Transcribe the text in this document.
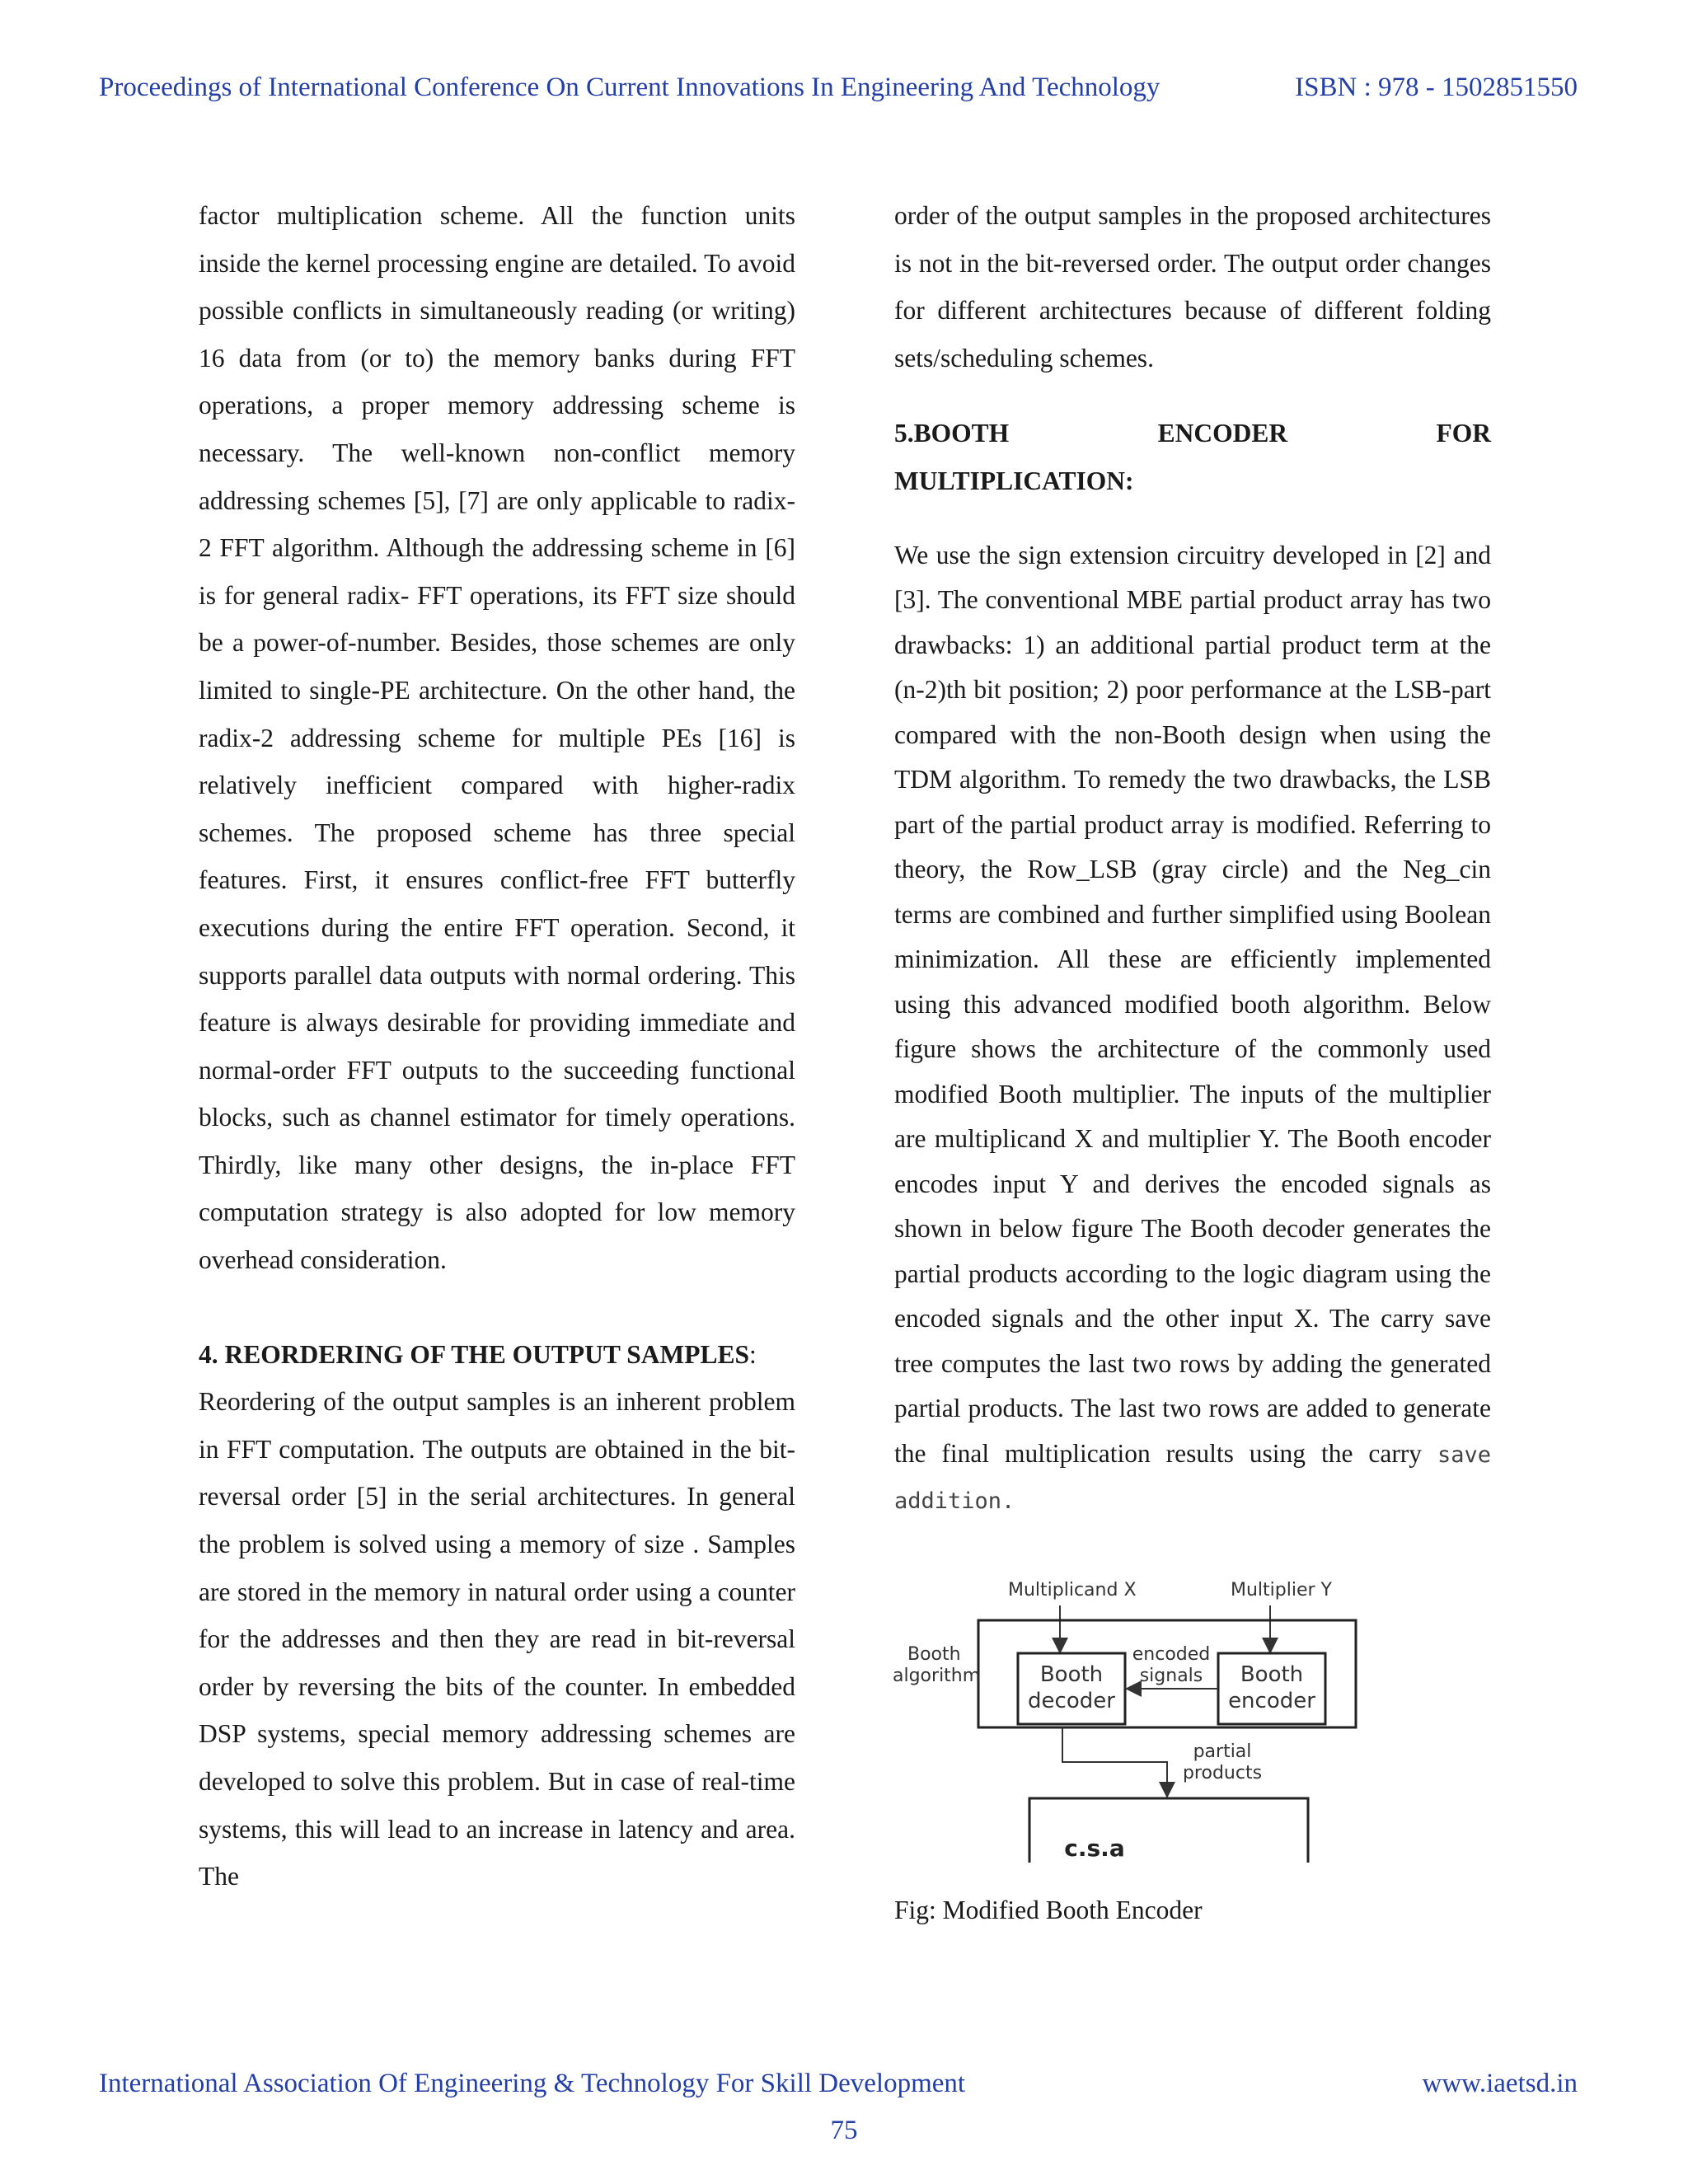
Proceedings of International Conference On Current Innovations In Engineering And Technology	ISBN : 978 - 1502851550

factor multiplication scheme. All the function units inside the kernel processing engine are detailed. To avoid possible conflicts in simultaneously reading (or writing) 16 data from (or to) the memory banks during FFT operations, a proper memory addressing scheme is necessary. The well-known non-conflict memory addressing schemes [5], [7] are only applicable to radix-2 FFT algorithm. Although the addressing scheme in [6] is for general radix- FFT operations, its FFT size should be a power-of-number. Besides, those schemes are only limited to single-PE architecture. On the other hand, the radix-2 addressing scheme for multiple PEs [16] is relatively inefficient compared with higher-radix schemes. The proposed scheme has three special features. First, it ensures conflict-free FFT butterfly executions during the entire FFT operation. Second, it supports parallel data outputs with normal ordering. This feature is always desirable for providing immediate and normal-order FFT outputs to the succeeding functional blocks, such as channel estimator for timely operations. Thirdly, like many other designs, the in-place FFT computation strategy is also adopted for low memory overhead consideration.

4. REORDERING OF THE OUTPUT SAMPLES:

Reordering of the output samples is an inherent problem in FFT computation. The outputs are obtained in the bit-reversal order [5] in the serial architectures. In general the problem is solved using a memory of size . Samples are stored in the memory in natural order using a counter for the addresses and then they are read in bit-reversal order by reversing the bits of the counter. In embedded DSP systems, special memory addressing schemes are developed to solve this problem. But in case of real-time systems, this will lead to an increase in latency and area. The

order of the output samples in the proposed architectures is not in the bit-reversed order. The output order changes for different architectures because of different folding sets/scheduling schemes.

5.BOOTH	ENCODER	FOR
MULTIPLICATION:

We use the sign extension circuitry developed in [2] and [3]. The conventional MBE partial product array has two drawbacks: 1) an additional partial product term at the (n-2)th bit position; 2) poor performance at the LSB-part compared with the non-Booth design when using the TDM algorithm. To remedy the two drawbacks, the LSB part of the partial product array is modified. Referring to theory, the Row_LSB (gray circle) and the Neg_cin terms are combined and further simplified using Boolean minimization. All these are efficiently implemented using this advanced modified booth algorithm. Below figure shows the architecture of the commonly used modified Booth multiplier. The inputs of the multiplier are multiplicand X and multiplier Y. The Booth encoder encodes input Y and derives the encoded signals as shown in below figure The Booth decoder generates the partial products according to the logic diagram using the encoded signals and the other input X. The carry save tree computes the last two rows by adding the generated partial products. The last two rows are added to generate the final multiplication results using the carry save addition.

Multiplicand X	Multiplier Y
Booth
algorithm	Booth
decoder
Booth
encoder
encoded
signals
partial
products
c.s.a
Fig: Modified Booth Encoder
International Association Of Engineering & Technology For Skill Development	www.iaetsd.in
75
